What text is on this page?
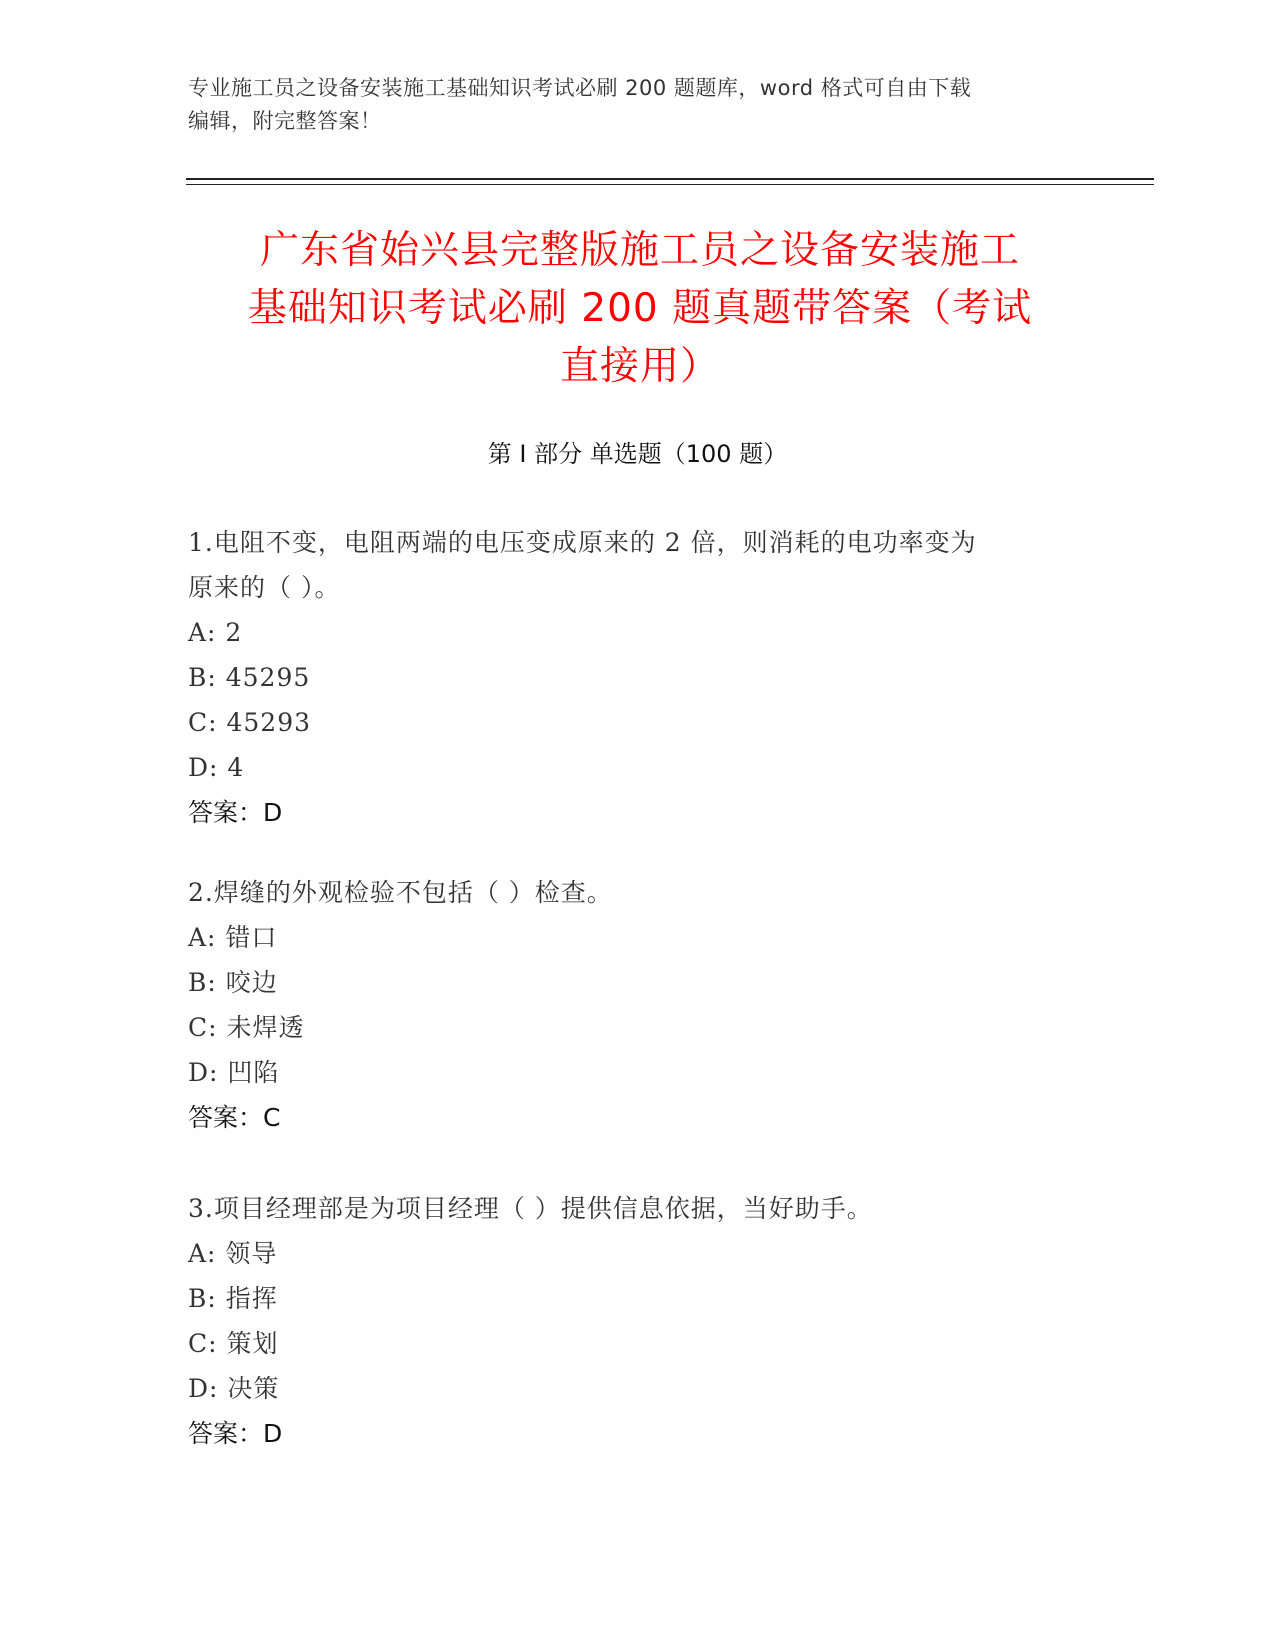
专业施工员之设备安装施工基础知识考试必刷 200 题题库，word 格式可自由下载
编辑，附完整答案！
广东省始兴县完整版施工员之设备安装施工
基础知识考试必刷 200 题真题带答案（考试
直接用）
第 I 部分 单选题（100 题）
1.电阻不变，电阻两端的电压变成原来的 2 倍，则消耗的电功率变为
原来的（ ）。
A: 2
B: 45295
C: 45293
D: 4
答案：D
2.焊缝的外观检验不包括（ ）检查。
A: 错口
B: 咬边
C: 未焊透
D: 凹陷
答案：C
3.项目经理部是为项目经理（ ）提供信息依据，当好助手。
A: 领导
B: 指挥
C: 策划
D: 决策
答案：D
